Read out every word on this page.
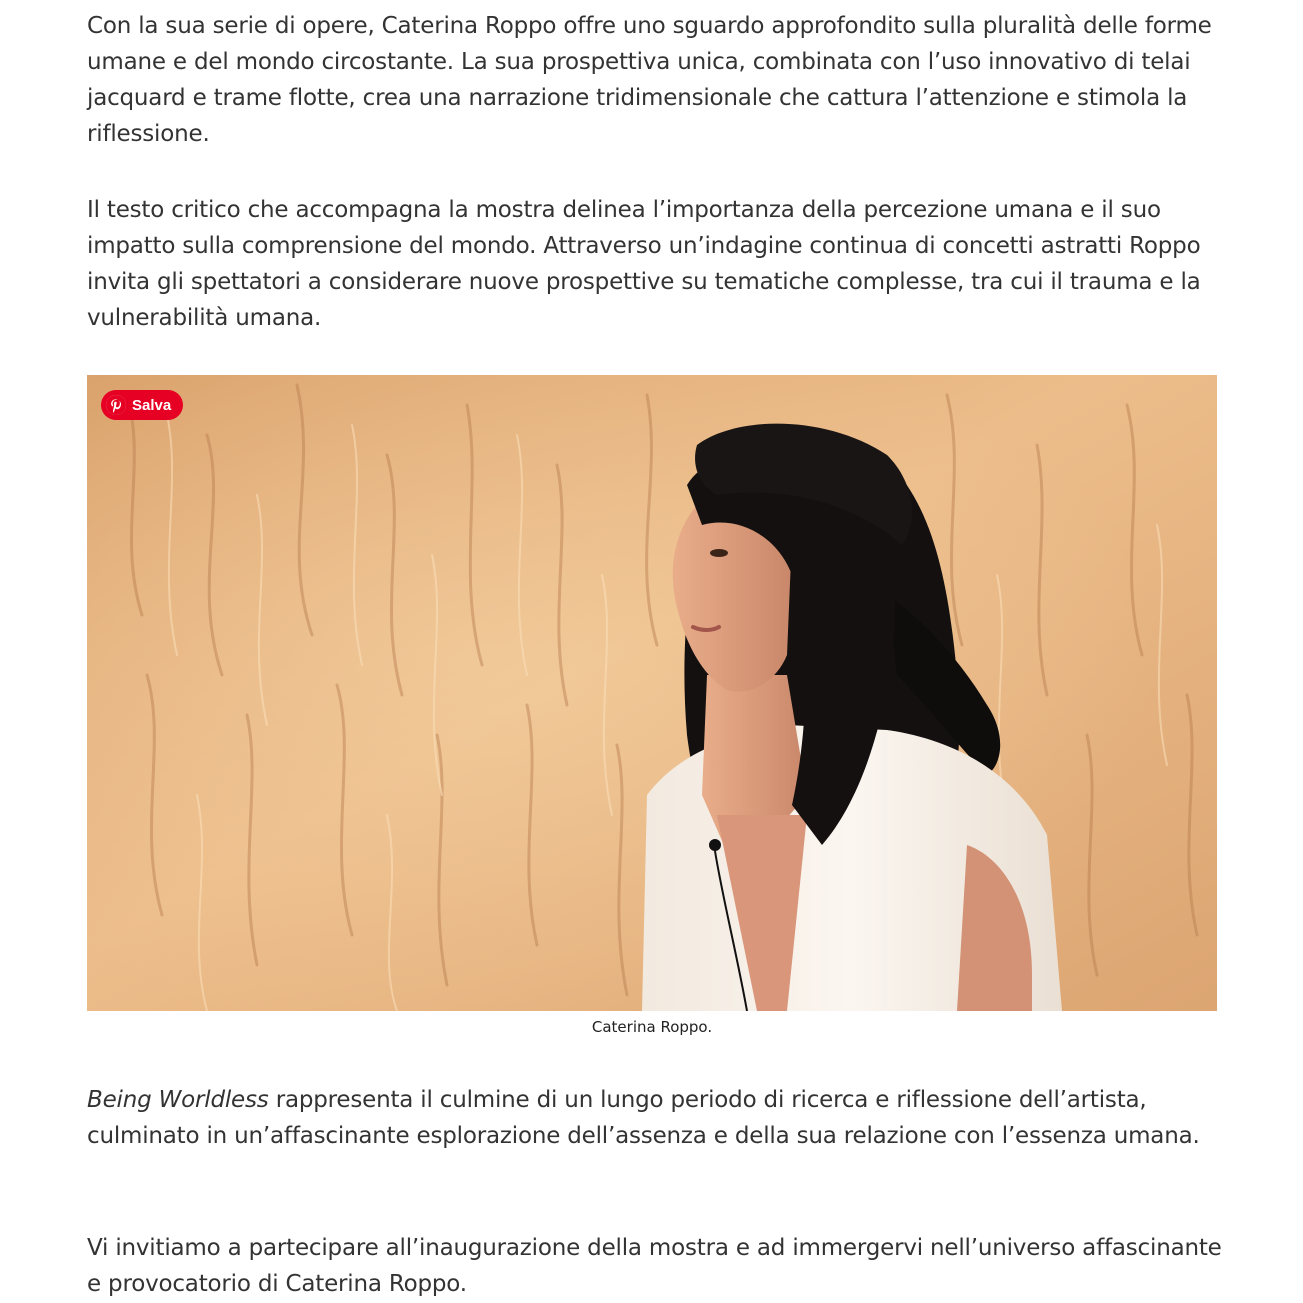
Con la sua serie di opere, Caterina Roppo offre uno sguardo approfondito sulla pluralità delle forme umane e del mondo circostante. La sua prospettiva unica, combinata con l’uso innovativo di telai jacquard e trame flotte, crea una narrazione tridimensionale che cattura l’attenzione e stimola la riflessione.

Il testo critico che accompagna la mostra delinea l’importanza della percezione umana e il suo impatto sulla comprensione del mondo. Attraverso un’indagine continua di concetti astratti Roppo invita gli spettatori a considerare nuove prospettive su tematiche complesse, tra cui il trauma e la vulnerabilità umana.

Salva
Caterina Roppo.

Being Worldless rappresenta il culmine di un lungo periodo di ricerca e riflessione dell’artista, culminato in un’affascinante esplorazione dell’assenza e della sua relazione con l’essenza umana.

Vi invitiamo a partecipare all’inaugurazione della mostra e ad immergervi nell’universo affascinante e provocatorio di Caterina Roppo.
